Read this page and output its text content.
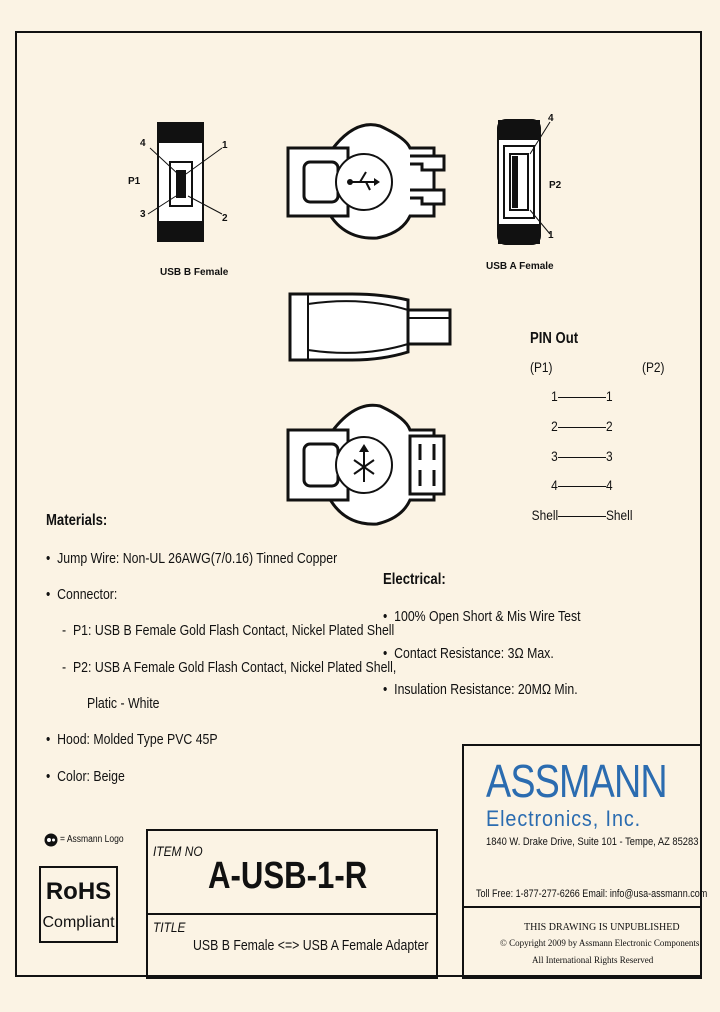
4	1
3	2
P1
USB B Female
4
1
P2
USB A Female
PIN Out
(P1)	(P2)
1	1
2	2
3	3
4	4
Shell	Shell
Materials:
•  Jump Wire: Non-UL 26AWG(7/0.16) Tinned Copper
•  Connector:
-  P1: USB B Female Gold Flash Contact, Nickel Plated Shell
-  P2: USB A Female Gold Flash Contact, Nickel Plated Shell,
Platic - White
•  Hood: Molded Type PVC 45P
•  Color: Beige
Electrical:
•  100% Open Short & Mis Wire Test
•  Contact Resistance: 3Ω Max.
•  Insulation Resistance: 20MΩ Min.
= Assmann Logo
RoHS
Compliant
ITEM NO
A-USB-1-R
TITLE
USB B Female <=> USB A Female Adapter
ASSMANN
Electronics, Inc.
1840 W. Drake Drive, Suite 101 - Tempe, AZ 85283
Toll Free: 1-877-277-6266 Email: info@usa-assmann.com
THIS DRAWING IS UNPUBLISHED
© Copyright 2009 by Assmann Electronic Components
All International Rights Reserved
